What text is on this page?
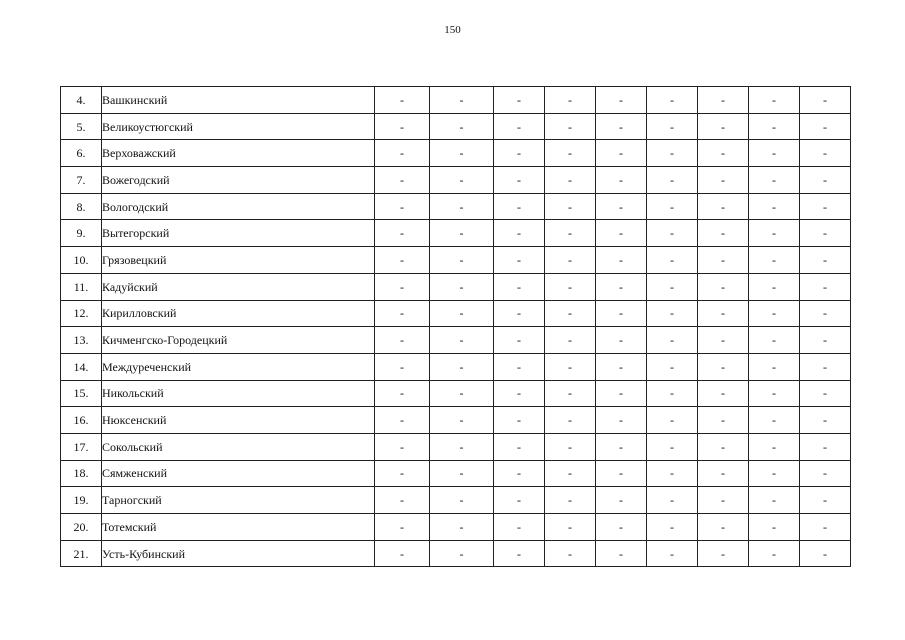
150
4.	Вашкинский	-	-	-	-	-	-	-	-	-
5.	Великоустюгский	-	-	-	-	-	-	-	-	-
6.	Верховажский	-	-	-	-	-	-	-	-	-
7.	Вожегодский	-	-	-	-	-	-	-	-	-
8.	Вологодский	-	-	-	-	-	-	-	-	-
9.	Вытегорский	-	-	-	-	-	-	-	-	-
10.	Грязовецкий	-	-	-	-	-	-	-	-	-
11.	Кадуйский	-	-	-	-	-	-	-	-	-
12.	Кирилловский	-	-	-	-	-	-	-	-	-
13.	Кичменгско-Городецкий	-	-	-	-	-	-	-	-	-
14.	Междуреченский	-	-	-	-	-	-	-	-	-
15.	Никольский	-	-	-	-	-	-	-	-	-
16.	Нюксенский	-	-	-	-	-	-	-	-	-
17.	Сокольский	-	-	-	-	-	-	-	-	-
18.	Сямженский	-	-	-	-	-	-	-	-	-
19.	Тарногский	-	-	-	-	-	-	-	-	-
20.	Тотемский	-	-	-	-	-	-	-	-	-
21.	Усть-Кубинский	-	-	-	-	-	-	-	-	-
